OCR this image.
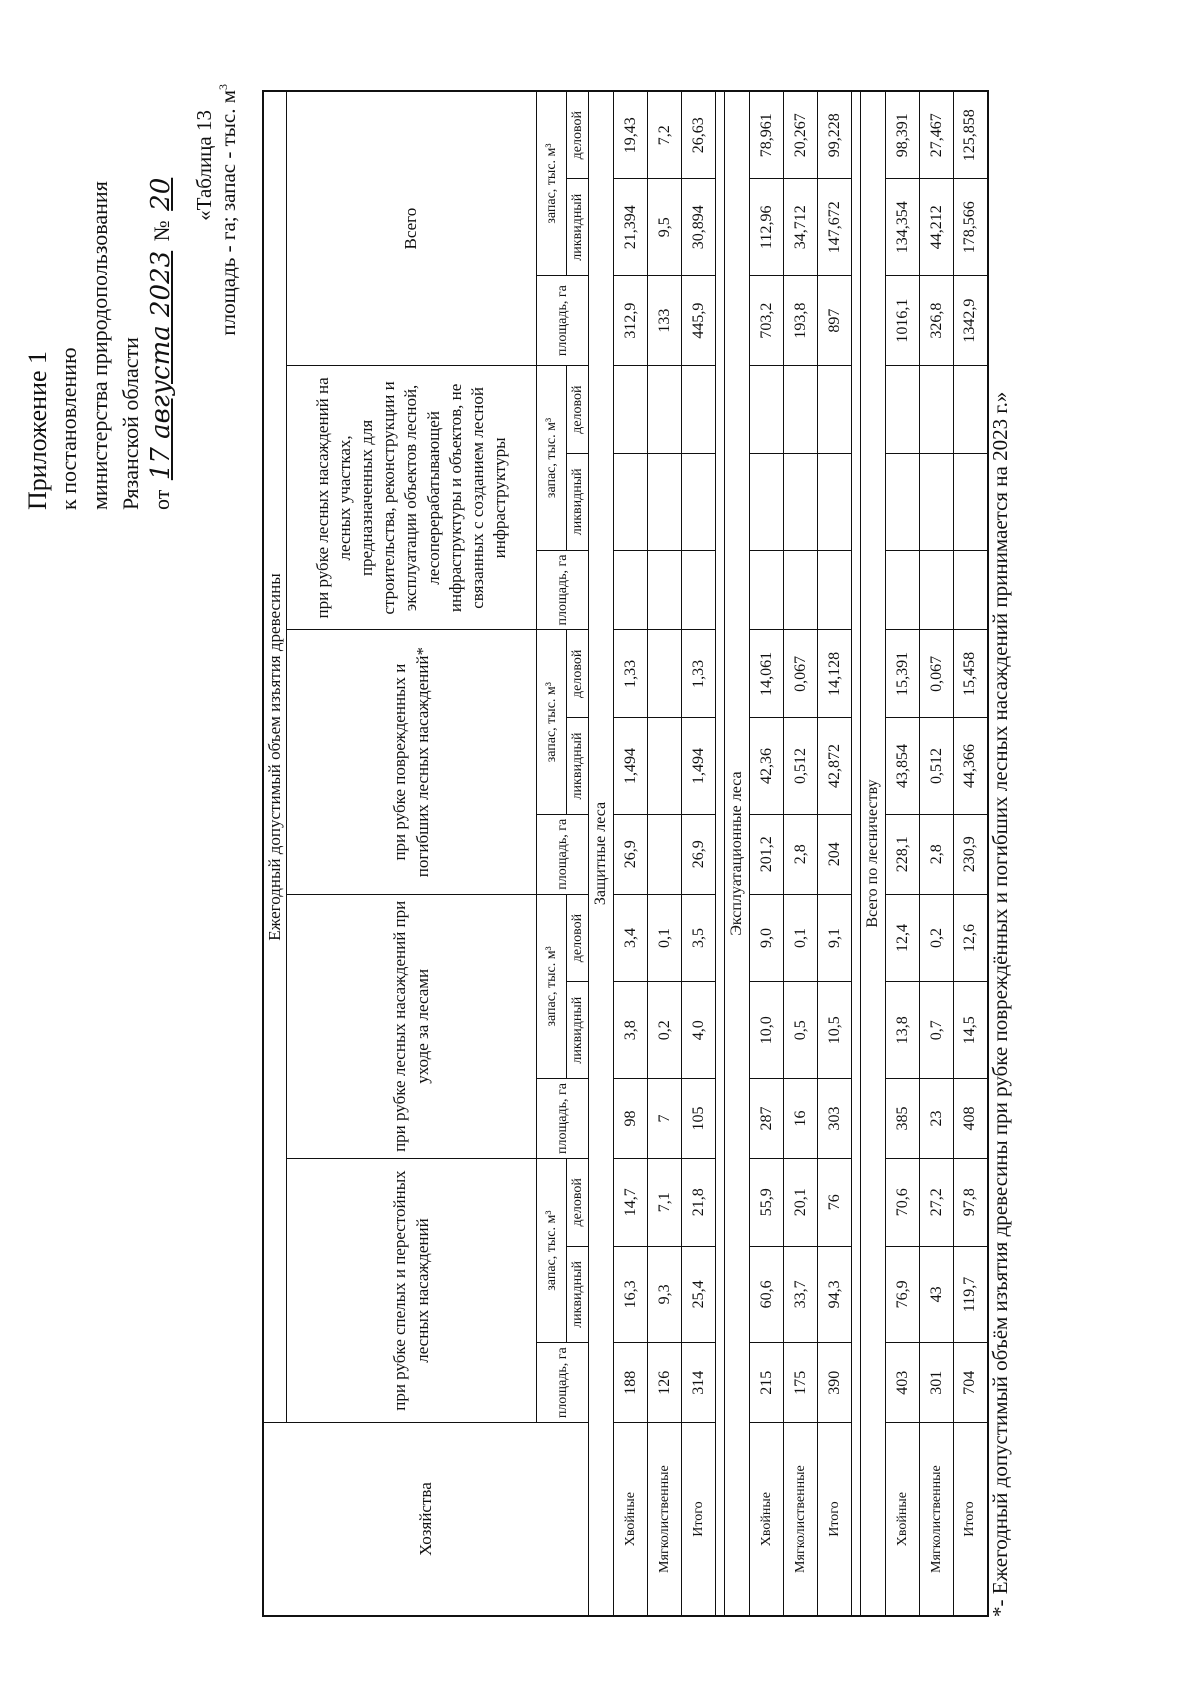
Приложение 1 к постановлению министерства природопользования Рязанской области от 17 августа 2023 № 20 «Таблица 13 площадь - га; запас - тыс. $м^3$
Хозяйства	Ежегодный допустимый объем изъятия древесины														
	при рубке спелых и перестойных лесных насаждений			при рубке лесных насаждений при уходе за лесами			при рубке поврежденных и погибших лесных насаждений*			при рубке лесных насаждений на лесных участках, предназначенных для строительства, реконструкции и эксплуатации объектов лесной, лесоперерабатывающей инфраструктуры и объектов, не связанных с созданием лесной инфраструктуры			Всего		
	площадь, га	запас, тыс. м³		площадь, га	запас, тыс. м³		площадь, га	запас, тыс. м³		площадь, га	запас, тыс. м³		площадь, га	запас, тыс. м³	
		ликвидный	деловой		ликвидный	деловой		ликвидный	деловой		ликвидный	деловой		ликвидный	деловой
Защитные леса															
Хвойные	188	16,3	14,7	98	3,8	3,4	26,9	1,494	1,33				312,9	21,394	19,43
Мягколиственные	126	9,3	7,1	7	0,2	0,1							133	9,5	7,2
Итого	314	25,4	21,8	105	4,0	3,5	26,9	1,494	1,33				445,9	30,894	26,63

Эксплуатационные леса															
Хвойные	215	60,6	55,9	287	10,0	9,0	201,2	42,36	14,061				703,2	112,96	78,961
Мягколиственные	175	33,7	20,1	16	0,5	0,1	2,8	0,512	0,067				193,8	34,712	20,267
Итого	390	94,3	76	303	10,5	9,1	204	42,872	14,128				897	147,672	99,228

Всего по лесничеству															
Хвойные	403	76,9	70,6	385	13,8	12,4	228,1	43,854	15,391				1016,1	134,354	98,391
Мягколиственные	301	43	27,2	23	0,7	0,2	2,8	0,512	0,067				326,8	44,212	27,467
Итого	704	119,7	97,8	408	14,5	12,6	230,9	44,366	15,458				1342,9	178,566	125,858
*- Ежегодный допустимый объём изъятия древесины при рубке повреждённых и погибших лесных насаждений принимается на 2023 г.»
